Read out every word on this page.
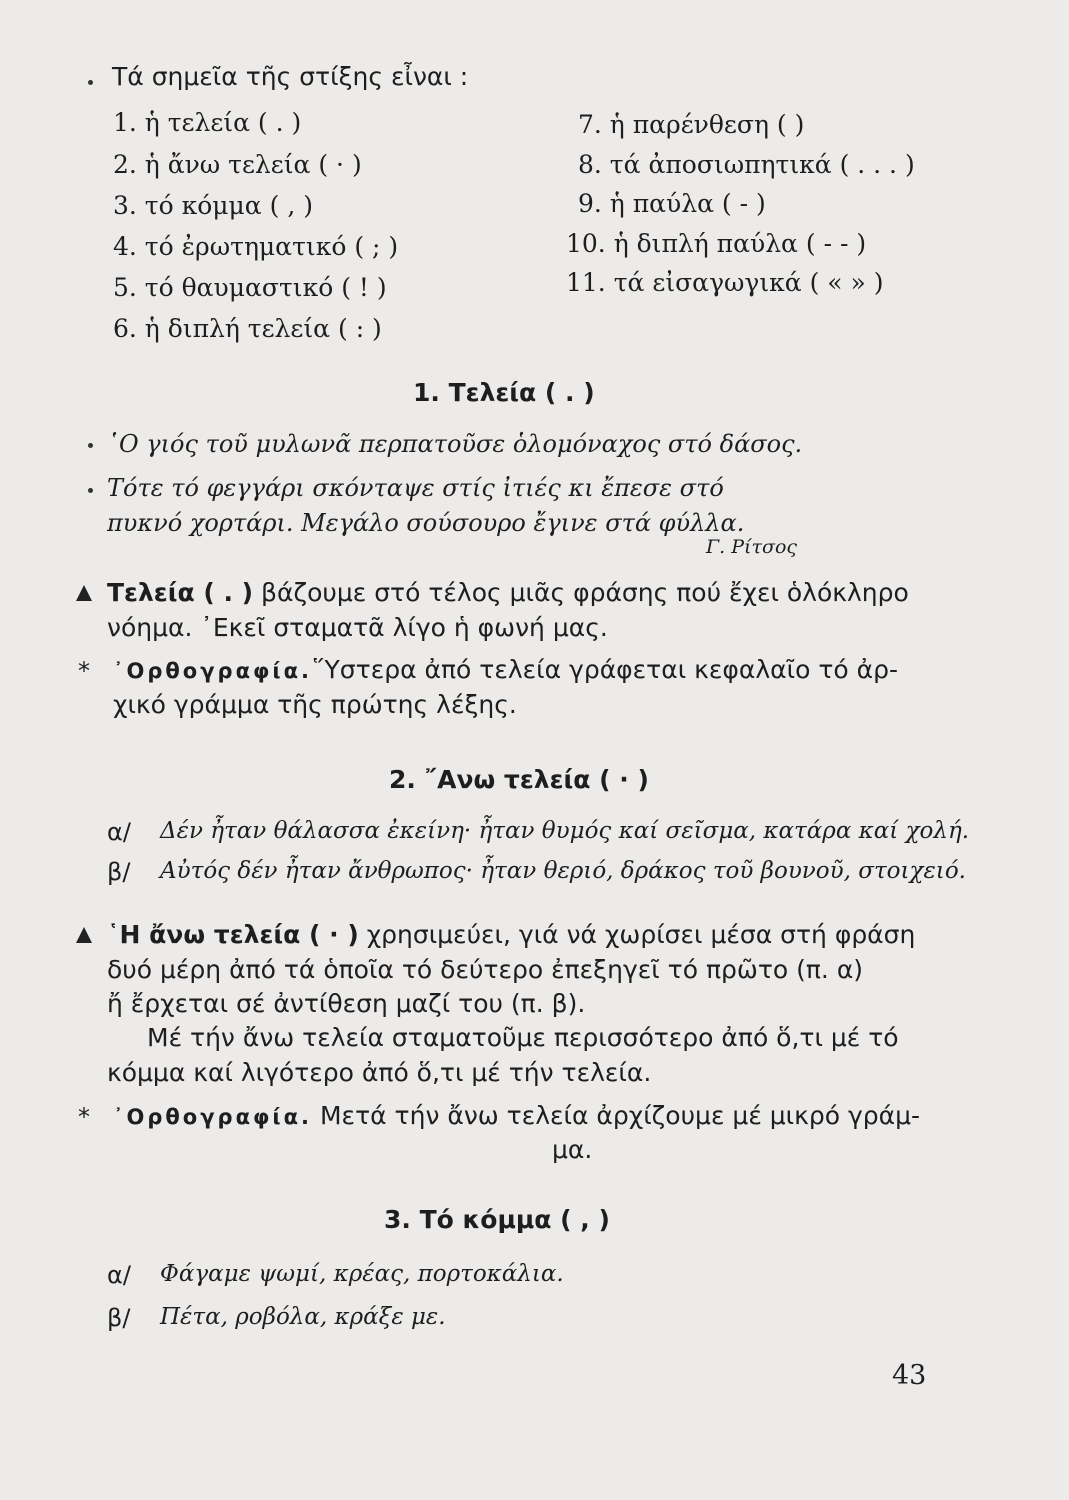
Τά σημεῖα τῆς στίξης εἶναι :
1. ἡ τελεία ( . )
2. ἡ ἄνω τελεία ( · )
3. τό κόμμα ( , )
4. τό ἐρωτηματικό ( ; )
5. τό θαυμαστικό ( ! )
6. ἡ διπλή τελεία ( : )
7. ἡ παρένθεση ( )
8. τά ἀποσιωπητικά ( . . . )
9. ἡ παύλα ( - )
10. ἡ διπλή παύλα ( - - )
11. τά εἰσαγωγικά ( « » )
1. Τελεία ( . )
῾Ο γιός τοῦ μυλωνᾶ περπατοῦσε ὁλομόναχος στό δάσος.
Τότε τό φεγγάρι σκόνταψε στίς ἰτιές κι ἔπεσε στό
πυκνό χορτάρι. Μεγάλο σούσουρο ἔγινε στά φύλλα.
Γ. Ρίτσος
Τελεία ( . ) βάζουμε στό τέλος μιᾶς φράσης πού ἔχει ὁλόκληρο
νόημα. ᾿Εκεῖ σταματᾶ λίγο ἡ φωνή μας.
* ᾿Ορθογραφία.῞Υστερα ἀπό τελεία γράφεται κεφαλαῖο τό ἀρ-
χικό γράμμα τῆς πρώτης λέξης.
2. ῎Ανω τελεία ( · )
α/ Δέν ἦταν θάλασσα ἐκείνη· ἦταν θυμός καί σεῖσμα, κατάρα καί χολή.
β/ Αὐτός δέν ἦταν ἄνθρωπος· ἦταν θεριό, δράκος τοῦ βουνοῦ, στοιχειό.
῾Η ἄνω τελεία ( · ) χρησιμεύει, γιά νά χωρίσει μέσα στή φράση
δυό μέρη ἀπό τά ὁποῖα τό δεύτερο ἐπεξηγεῖ τό πρῶτο (π. α)
ἤ ἔρχεται σέ ἀντίθεση μαζί του (π. β).
Μέ τήν ἄνω τελεία σταματοῦμε περισσότερο ἀπό ὅ,τι μέ τό
κόμμα καί λιγότερο ἀπό ὅ,τι μέ τήν τελεία.
* ᾿Ορθογραφία. Μετά τήν ἄνω τελεία ἀρχίζουμε μέ μικρό γράμ-
μα.
3. Τό κόμμα ( , )
α/ Φάγαμε ψωμί, κρέας, πορτοκάλια.
β/ Πέτα, ροβόλα, κράξε με.
43
